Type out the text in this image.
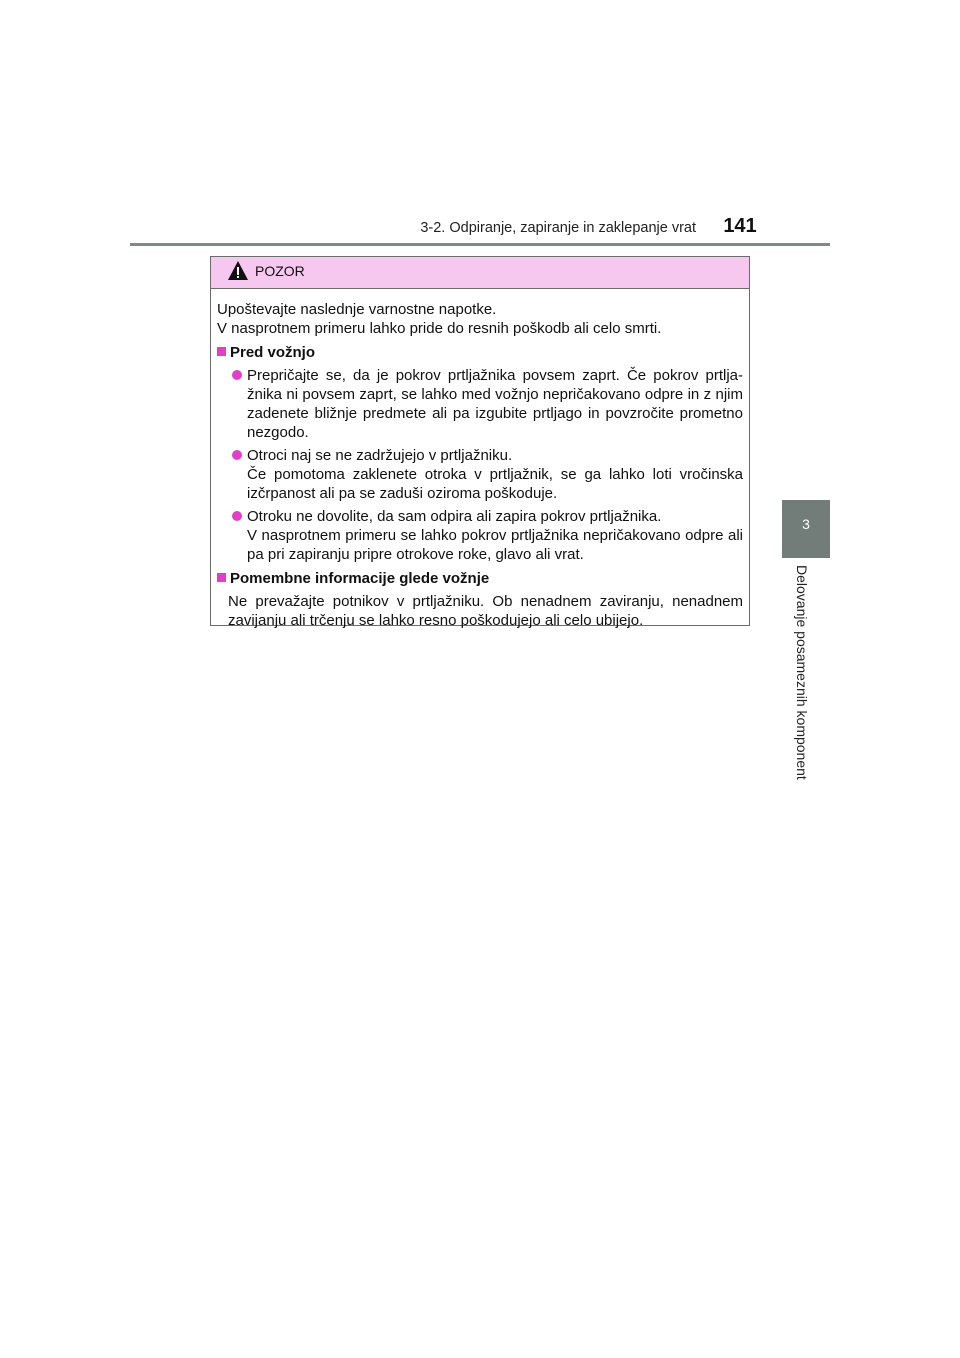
3-2. Odpiranje, zapiranje in zaklepanje vrat	141
3
Delovanje posameznih komponent
POZOR

Upoštevajte naslednje varnostne napotke.

V nasprotnem primeru lahko pride do resnih poškodb ali celo smrti.

Pred vožnjo
Prepričajte se, da je pokrov prtljažnika povsem zaprt. Če pokrov prtlja-žnika ni povsem zaprt, se lahko med vožnjo nepričakovano odpre in z njim zadenete bližnje predmete ali pa izgubite prtljago in povzročite prometno nezgodo.
Otroci naj se ne zadržujejo v prtljažniku.
Če pomotoma zaklenete otroka v prtljažnik, se ga lahko loti vročinska izčrpanost ali pa se zaduši oziroma poškoduje.
Otroku ne dovolite, da sam odpira ali zapira pokrov prtljažnika.
V nasprotnem primeru se lahko pokrov prtljažnika nepričakovano odpre ali pa pri zapiranju pripre otrokove roke, glavo ali vrat.
Pomembne informacije glede vožnje
Ne prevažajte potnikov v prtljažniku. Ob nenadnem zaviranju, nenadnem zavijanju ali trčenju se lahko resno poškodujejo ali celo ubijejo.
